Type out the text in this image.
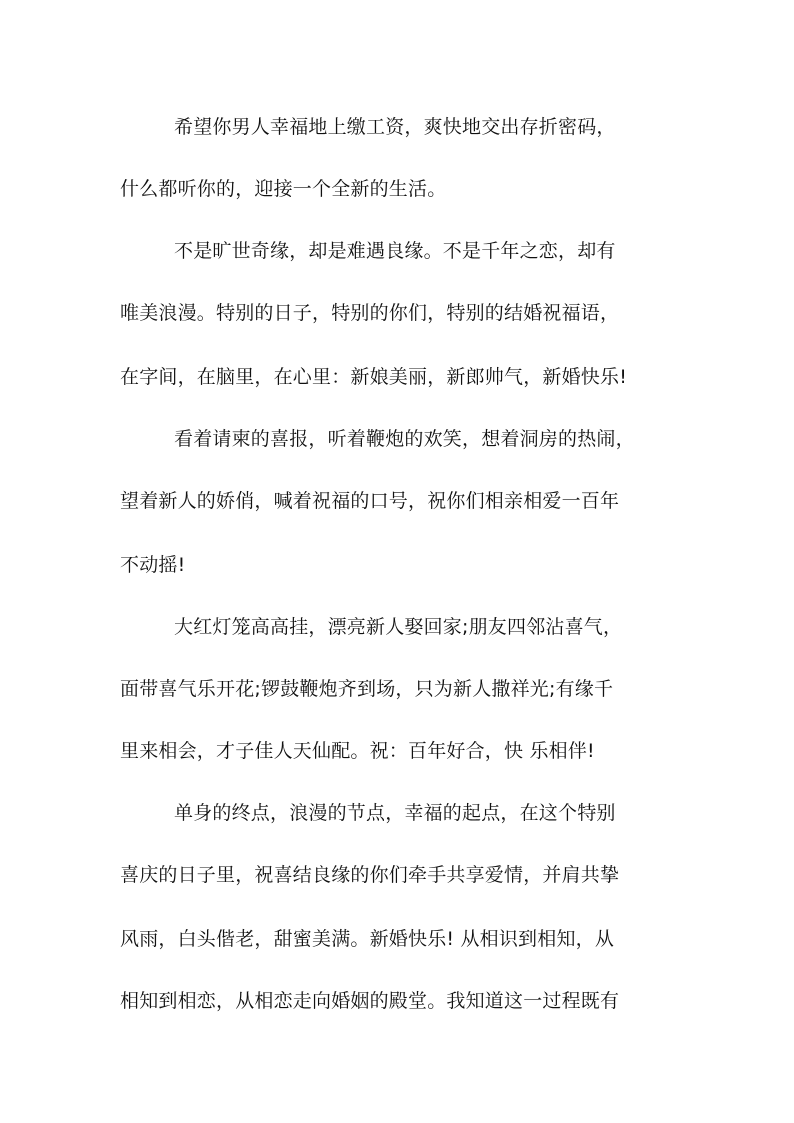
希望你男人幸福地上缴工资，爽快地交出存折密码，
什么都听你的，迎接一个全新的生活。
不是旷世奇缘，却是难遇良缘。不是千年之恋，却有
唯美浪漫。特别的日子，特别的你们，特别的结婚祝福语，
在字间，在脑里，在心里：新娘美丽，新郎帅气，新婚快乐!
看着请柬的喜报，听着鞭炮的欢笑，想着洞房的热闹，
望着新人的娇俏，喊着祝福的口号，祝你们相亲相爱一百年
不动摇!
大红灯笼高高挂，漂亮新人娶回家;朋友四邻沾喜气，
面带喜气乐开花;锣鼓鞭炮齐到场，只为新人撒祥光;有缘千
里来相会，才子佳人天仙配。祝：百年好合，快 乐相伴!
单身的终点，浪漫的节点，幸福的起点，在这个特别
喜庆的日子里，祝喜结良缘的你们牵手共享爱情，并肩共挚
风雨，白头偕老，甜蜜美满。新婚快乐! 从相识到相知，从
相知到相恋，从相恋走向婚姻的殿堂。我知道这一过程既有
